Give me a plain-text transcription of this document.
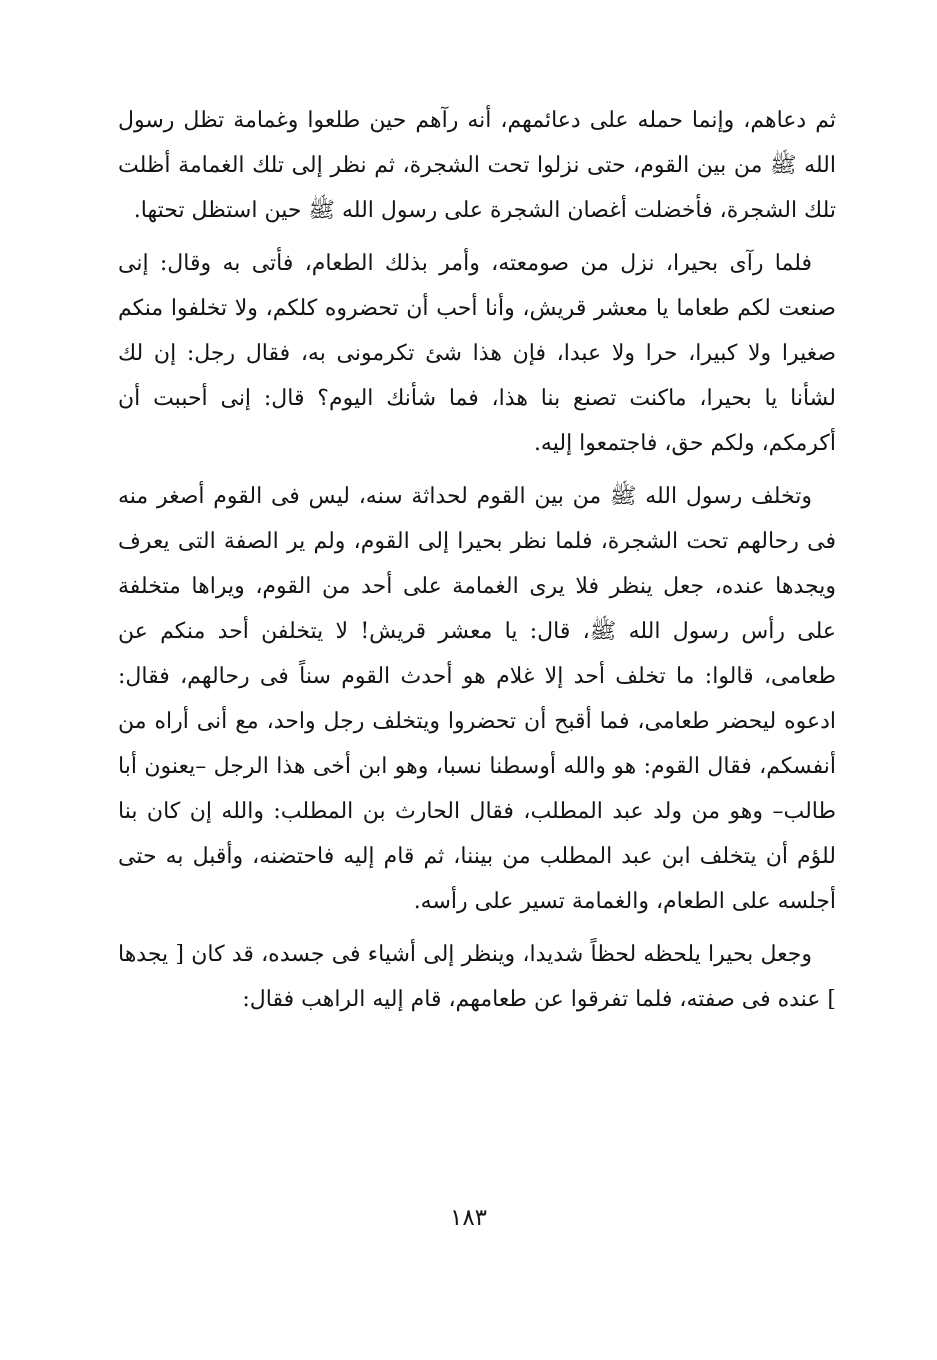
ثم دعاهم، وإنما حمله على دعائمهم، أنه رآهم حين طلعوا وغمامة تظل رسول الله ﷺ من بين القوم، حتى نزلوا تحت الشجرة، ثم نظر إلى تلك الغمامة أظلت تلك الشجرة، فأخضلت أغصان الشجرة على رسول الله ﷺ حين استظل تحتها.

فلما رآى بحيرا، نزل من صومعته، وأمر بذلك الطعام، فأتى به وقال: إنى صنعت لكم طعاما يا معشر قريش، وأنا أحب أن تحضروه كلكم، ولا تخلفوا منكم صغيرا ولا كبيرا، حرا ولا عبدا، فإن هذا شئ تكرمونى به، فقال رجل: إن لك لشأنا يا بحيرا، ماكنت تصنع بنا هذا، فما شأنك اليوم؟ قال: إنى أحببت أن أكرمكم، ولكم حق، فاجتمعوا إليه.

وتخلف رسول الله ﷺ من بين القوم لحداثة سنه، ليس فى القوم أصغر منه فى رحالهم تحت الشجرة، فلما نظر بحيرا إلى القوم، ولم ير الصفة التى يعرف ويجدها عنده، جعل ينظر فلا يرى الغمامة على أحد من القوم، ويراها متخلفة على رأس رسول الله ﷺ، قال: يا معشر قريش! لا يتخلفن أحد منكم عن طعامى، قالوا: ما تخلف أحد إلا غلام هو أحدث القوم سناً فى رحالهم، فقال: ادعوه ليحضر طعامى، فما أقبح أن تحضروا ويتخلف رجل واحد، مع أنى أراه من أنفسكم، فقال القوم: هو والله أوسطنا نسبا، وهو ابن أخى هذا الرجل –يعنون أبا طالب– وهو من ولد عبد المطلب، فقال الحارث بن المطلب: والله إن كان بنا للؤم أن يتخلف ابن عبد المطلب من بيننا، ثم قام إليه فاحتضنه، وأقبل به حتى أجلسه على الطعام، والغمامة تسير على رأسه.

وجعل بحيرا يلحظه لحظاً شديدا، وينظر إلى أشياء فى جسده، قد كان [ يجدها ] عنده فى صفته، فلما تفرقوا عن طعامهم، قام إليه الراهب فقال:

١٨٣
